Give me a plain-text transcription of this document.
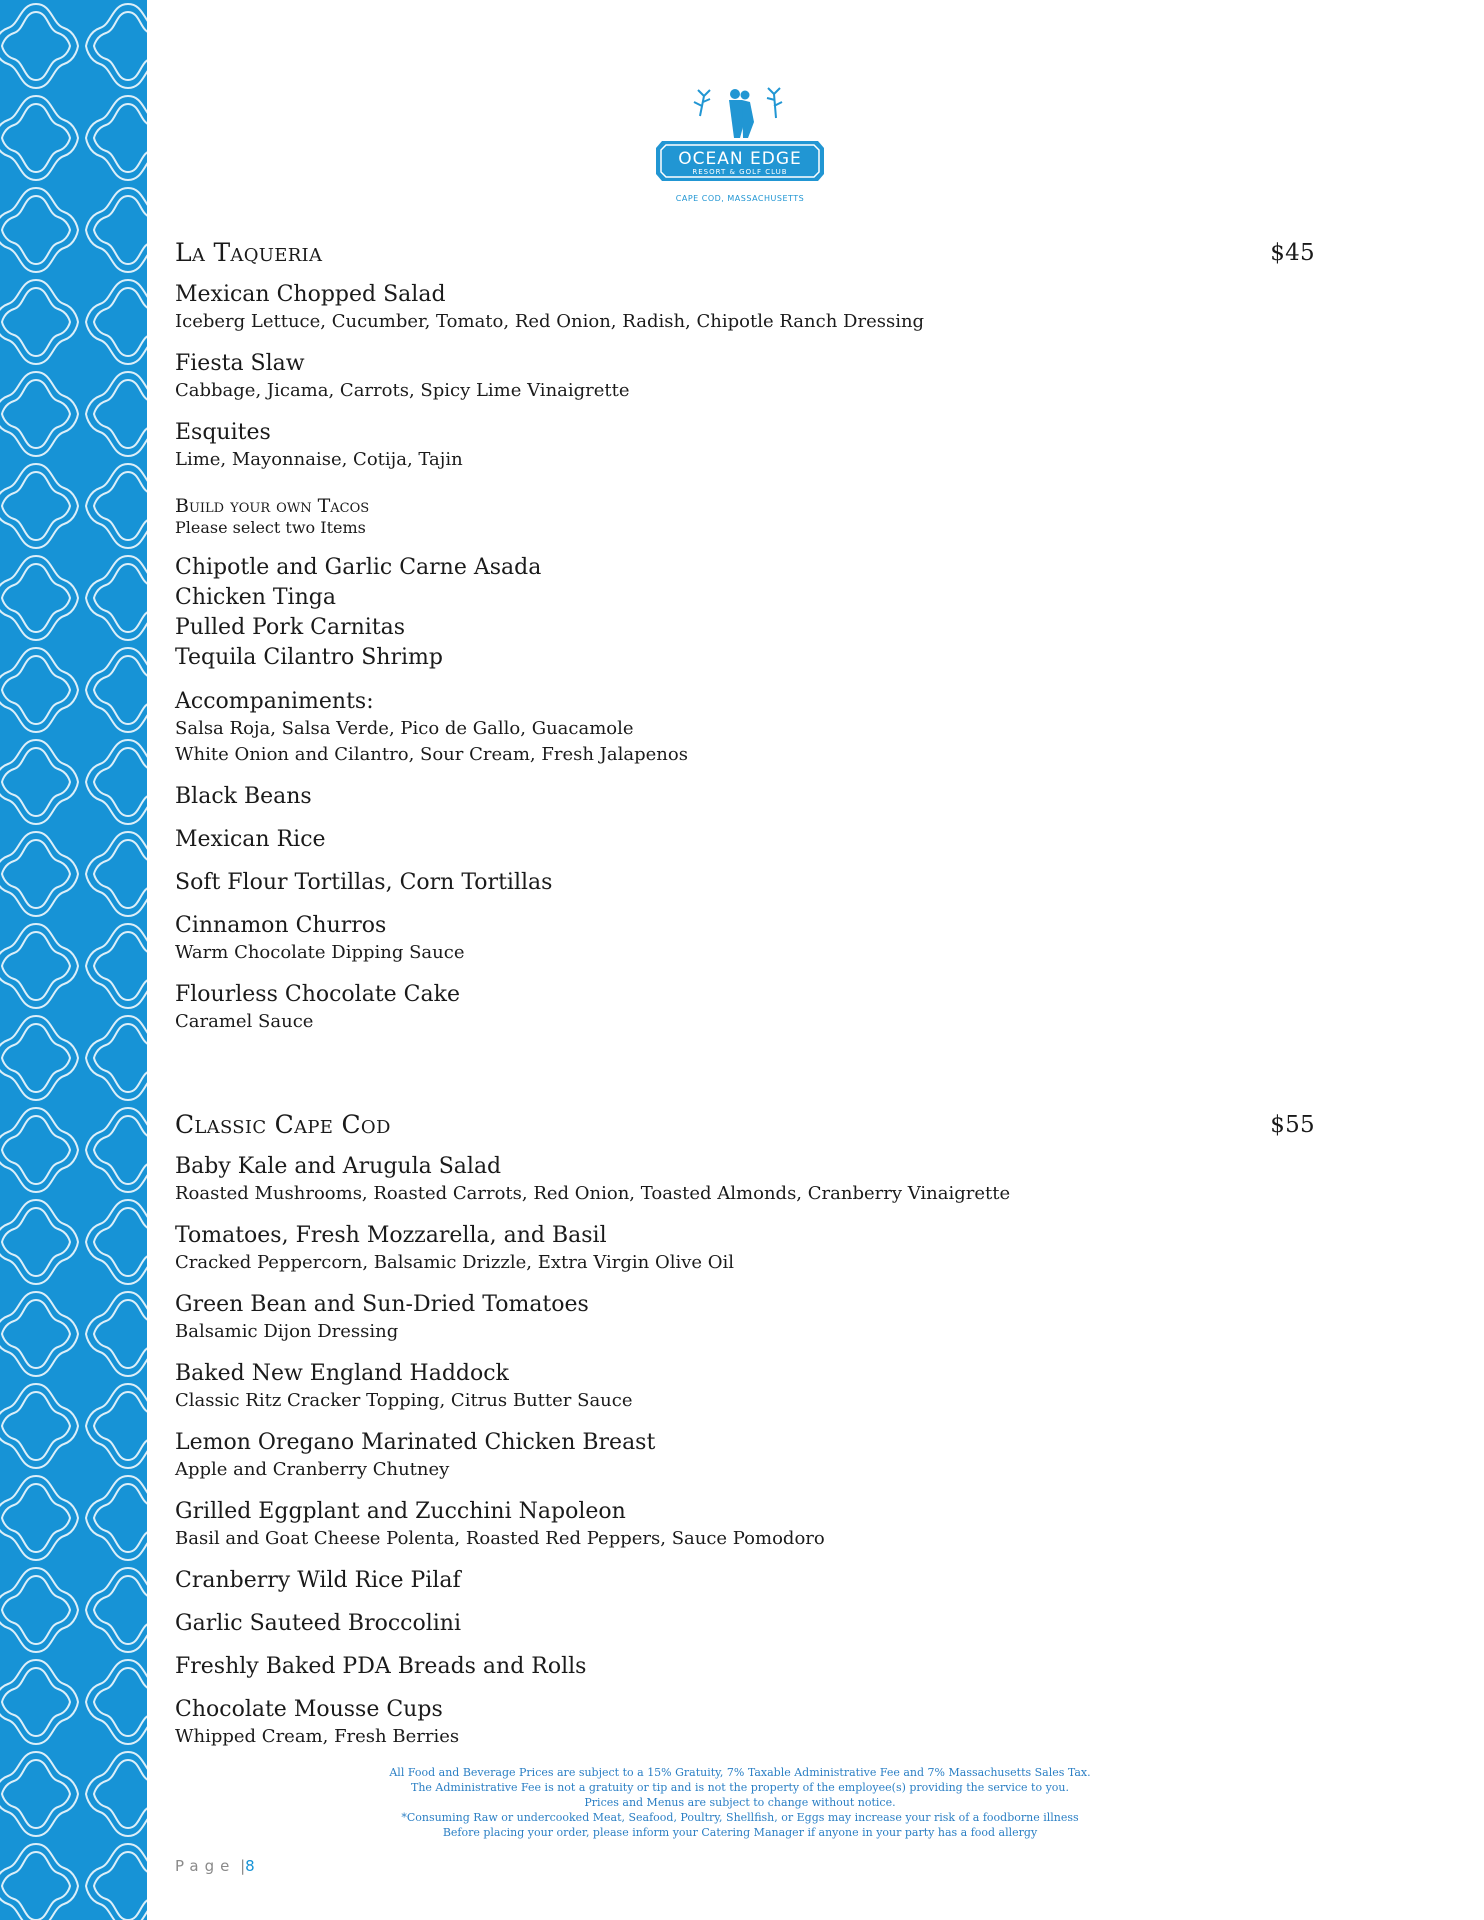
OCEAN EDGE
RESORT & GOLF CLUB
CAPE COD, MASSACHUSETTS
La Taqueria	$45
Mexican Chopped Salad
Iceberg Lettuce, Cucumber, Tomato, Red Onion, Radish, Chipotle Ranch Dressing
Fiesta Slaw
Cabbage, Jicama, Carrots, Spicy Lime Vinaigrette
Esquites
Lime, Mayonnaise, Cotija, Tajin
Build your own Tacos
Please select two Items
Chipotle and Garlic Carne Asada
Chicken Tinga
Pulled Pork Carnitas
Tequila Cilantro Shrimp
Accompaniments:
Salsa Roja, Salsa Verde, Pico de Gallo, Guacamole
White Onion and Cilantro, Sour Cream, Fresh Jalapenos
Black Beans
Mexican Rice
Soft Flour Tortillas, Corn Tortillas
Cinnamon Churros
Warm Chocolate Dipping Sauce
Flourless Chocolate Cake
Caramel Sauce
Classic Cape Cod	$55
Baby Kale and Arugula Salad
Roasted Mushrooms, Roasted Carrots, Red Onion, Toasted Almonds, Cranberry Vinaigrette
Tomatoes, Fresh Mozzarella, and Basil
Cracked Peppercorn, Balsamic Drizzle, Extra Virgin Olive Oil
Green Bean and Sun-Dried Tomatoes
Balsamic Dijon Dressing
Baked New England Haddock
Classic Ritz Cracker Topping, Citrus Butter Sauce
Lemon Oregano Marinated Chicken Breast
Apple and Cranberry Chutney
Grilled Eggplant and Zucchini Napoleon
Basil and Goat Cheese Polenta, Roasted Red Peppers, Sauce Pomodoro
Cranberry Wild Rice Pilaf
Garlic Sauteed Broccolini
Freshly Baked PDA Breads and Rolls
Chocolate Mousse Cups
Whipped Cream, Fresh Berries
All Food and Beverage Prices are subject to a 15% Gratuity, 7% Taxable Administrative Fee and 7% Massachusetts Sales Tax.
The Administrative Fee is not a gratuity or tip and is not the property of the employee(s) providing the service to you.
Prices and Menus are subject to change without notice.
*Consuming Raw or undercooked Meat, Seafood, Poultry, Shellfish, or Eggs may increase your risk of a foodborne illness
Before placing your order, please inform your Catering Manager if anyone in your party has a food allergy
Page |8
